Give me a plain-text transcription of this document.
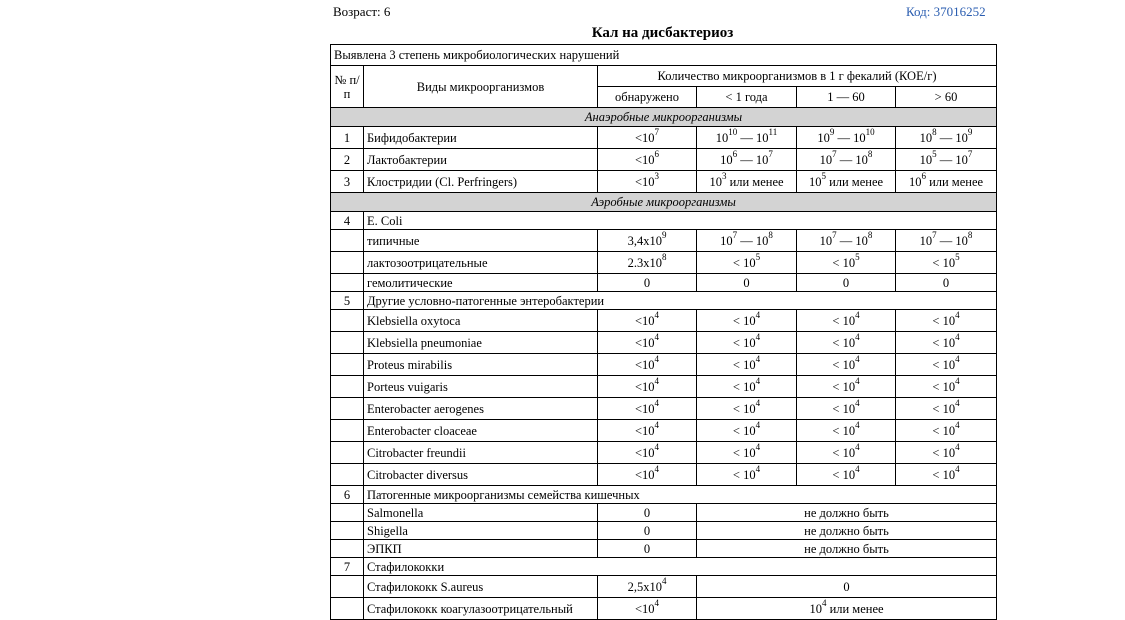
Возраст: 6	Код: 37016252
Кал на дисбактериоз
Выявлена 3 степень микробиологических нарушений					
№ п/п	Виды микроорганизмов	Количество микроорганизмов в 1 г фекалий (КОЕ/г)			
		обнаружено	< 1 года	1 — 60	> 60
Анаэробные микроорганизмы					
1	Бифидобактерии	$<10^7$	$10^{10}$ — $10^{11}$	$10^9$ — $10^{10}$	$10^8$ — $10^9$
2	Лактобактерии	$<10^6$	$10^6$ — $10^7$	$10^7$ — $10^8$	$10^5$ — $10^7$
3	Клостридии (Cl. Perfringers)	$<10^3$	$10^3$ или менее	$10^5$ или менее	$10^6$ или менее
Аэробные микроорганизмы					
4	E. Coli				
	типичные	$3,4x10^9$	$10^7$ — $10^8$	$10^7$ — $10^8$	$10^7$ — $10^8$
	лактозоотрицательные	$2.3x10^8$	< $10^5$	< $10^5$	< $10^5$
	гемолитические	0	0	0	0
5	Другие условно-патогенные энтеробактерии				
	Klebsiella oxytoca	$<10^4$	< $10^4$	< $10^4$	< $10^4$
	Klebsiella pneumoniae	$<10^4$	< $10^4$	< $10^4$	< $10^4$
	Proteus mirabilis	$<10^4$	< $10^4$	< $10^4$	< $10^4$
	Porteus vuigaris	$<10^4$	< $10^4$	< $10^4$	< $10^4$
	Enterobacter aerogenes	$<10^4$	< $10^4$	< $10^4$	< $10^4$
	Enterobacter cloaceae	$<10^4$	< $10^4$	< $10^4$	< $10^4$
	Citrobacter freundii	$<10^4$	< $10^4$	< $10^4$	< $10^4$
	Citrobacter diversus	$<10^4$	< $10^4$	< $10^4$	< $10^4$
6	Патогенные микроорганизмы семейства кишечных				
	Salmonella	0	не должно быть		
	Shigella	0	не должно быть		
	ЭПКП	0	не должно быть		
7	Стафилококки				
	Стафилококк S.aureus	$2,5x10^4$	0		
	Стафилококк коагулазоотрицательный	$<10^4$	$10^4$ или менее		
